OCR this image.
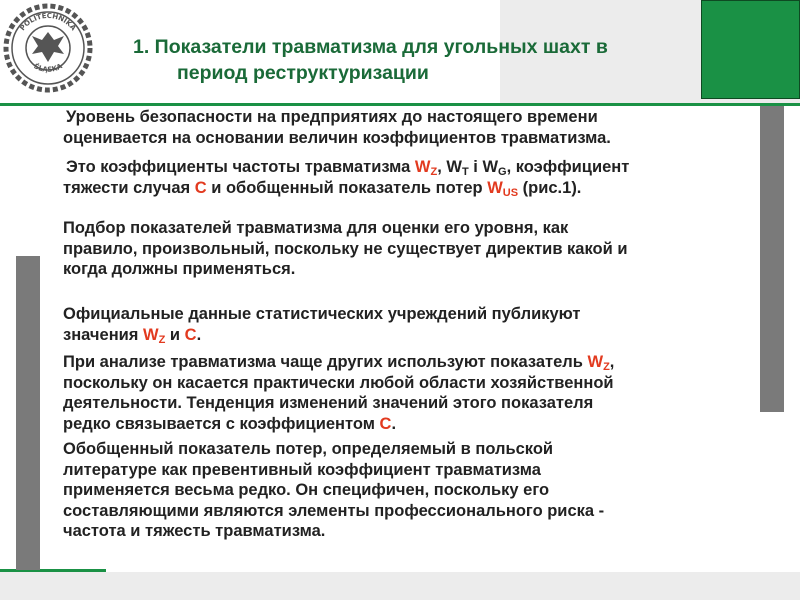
POLITECHNIKA
ŚLĄSKA
1. Показатели травматизма для угольных шахт в
период реструктуризации
Уровень безопасности на предприятиях до настоящего времени
оценивается на основании величин коэффициентов травматизма.
Это коэффициенты частоты травматизма $W_Z$, $W_T$ i $W_G$, коэффициент
тяжести случая C и обобщенный показатель потер $W_{US}$ (рис.1).
Подбор показателей травматизма для оценки его уровня, как
правило, произвольный, поскольку не существует директив какой и
когда должны применяться.
Официальные данные статистических учреждений публикуют
значения $W_Z$ и C.
При анализе травматизма чаще других используют показатель $W_Z$,
поскольку он касается практически любой области хозяйственной
деятельности. Тенденция изменений значений этого показателя
редко связывается с коэффициентом C.
Обобщенный показатель потер, определяемый в польской
литературе как превентивный коэффициент травматизма
применяется весьма редко. Он специфичен, поскольку его
составляющими являются элементы профессионального риска -
частота и тяжесть травматизма.
